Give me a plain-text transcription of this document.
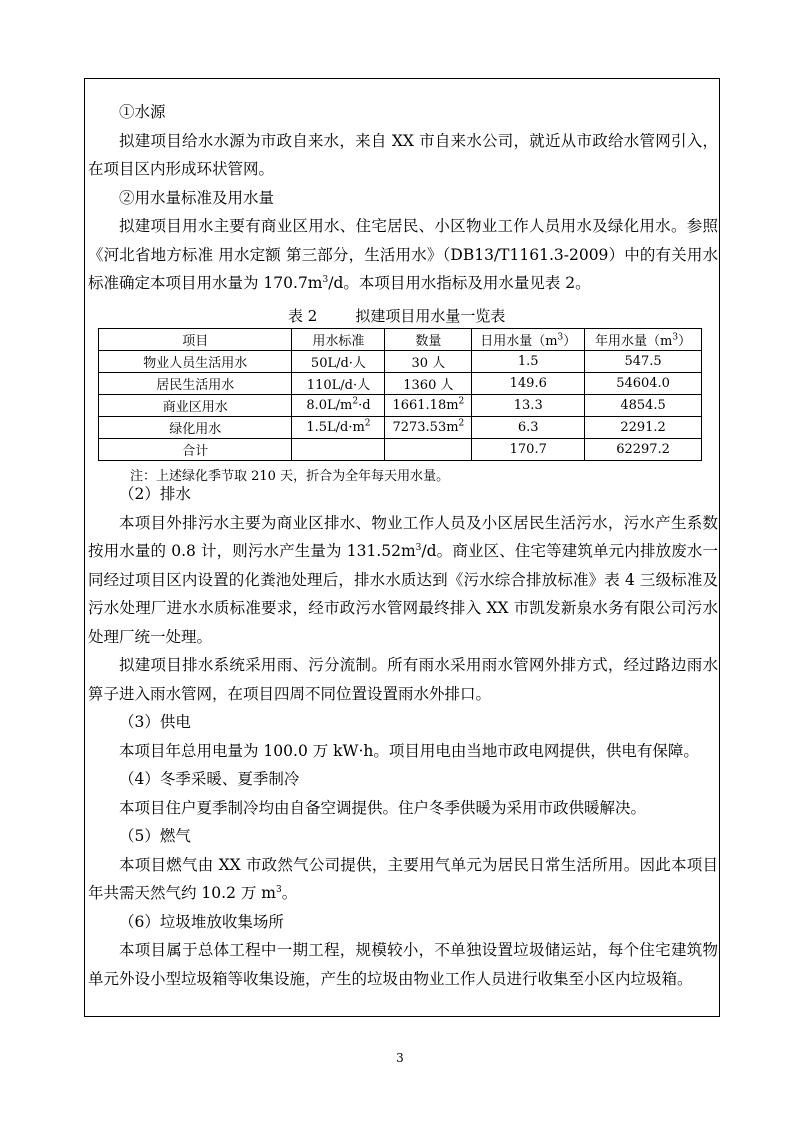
①水源

拟建项目给水水源为市政自来水，来自 XX 市自来水公司，就近从市政给水管网引入，在项目区内形成环状管网。

②用水量标准及用水量

拟建项目用水主要有商业区用水、住宅居民、小区物业工作人员用水及绿化用水。参照《河北省地方标准 用水定额 第三部分，生活用水》（DB13/T1161.3-2009）中的有关用水标准确定本项目用水量为 $170.7m^3/d$。本项目用水指标及用水量见表 2。

表 2	拟建项目用水量一览表
项目	用水标准	数量	日用水量$(m^3)$	年用水量$(m^3)$
物业人员生活用水	50L/d·人	30 人	1.5	547.5
居民生活用水	110L/d·人	1360 人	149.6	54604.0
商业区用水	$8.0L/m^2\cdot d$	$1661.18m^2$	13.3	4854.5
绿化用水	$1.5L/d\cdot m^2$	$7273.53m^2$	6.3	2291.2
合计			170.7	62297.2
注：上述绿化季节取 210 天，折合为全年每天用水量。

（2）排水

本项目外排污水主要为商业区排水、物业工作人员及小区居民生活污水，污水产生系数按用水量的 0.8 计，则污水产生量为 $131.52m^3/d$。商业区、住宅等建筑单元内排放废水一同经过项目区内设置的化粪池处理后，排水水质达到《污水综合排放标准》表 4 三级标准及污水处理厂进水水质标准要求，经市政污水管网最终排入 XX 市凯发新泉水务有限公司污水处理厂统一处理。

拟建项目排水系统采用雨、污分流制。所有雨水采用雨水管网外排方式，经过路边雨水箅子进入雨水管网，在项目四周不同位置设置雨水外排口。

（3）供电

本项目年总用电量为 100.0 万 kW·h。项目用电由当地市政电网提供，供电有保障。

（4）冬季采暖、夏季制冷

本项目住户夏季制冷均由自备空调提供。住户冬季供暖为采用市政供暖解决。

（5）燃气

本项目燃气由 XX 市政然气公司提供，主要用气单元为居民日常生活所用。因此本项目年共需天然气约 10.2 万 $m^3$。

（6）垃圾堆放收集场所

本项目属于总体工程中一期工程，规模较小，不单独设置垃圾储运站，每个住宅建筑物单元外设小型垃圾箱等收集设施，产生的垃圾由物业工作人员进行收集至小区内垃圾箱。

3
